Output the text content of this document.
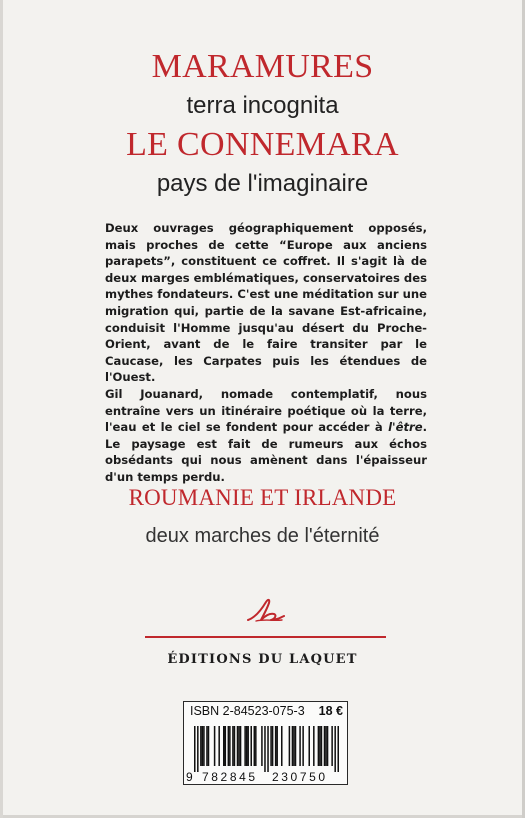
MARAMURES
terra incognita
LE CONNEMARA
pays de l'imaginaire

Deux ouvrages géographiquement opposés, mais proches de cette “Europe aux anciens parapets”, constituent ce coffret. Il s'agit là de deux marges emblématiques, conservatoires des mythes fondateurs. C'est une méditation sur une migration qui, partie de la savane Est-africaine, conduisit l'Homme jusqu'au désert du Proche-Orient, avant de le faire transiter par le Caucase, les Carpates puis les étendues de l'Ouest.

Gil Jouanard, nomade contemplatif, nous entraîne vers un itinéraire poétique où la terre, l'eau et le ciel se fondent pour accéder à l'être. Le paysage est fait de rumeurs aux échos obsédants qui nous amènent dans l'épaisseur d'un temps perdu.

ROUMANIE ET IRLANDE
deux marches de l'éternité
ÉDITIONS DU LAQUET
ISBN 2-84523-075-3 18 €
9 782845 230750
